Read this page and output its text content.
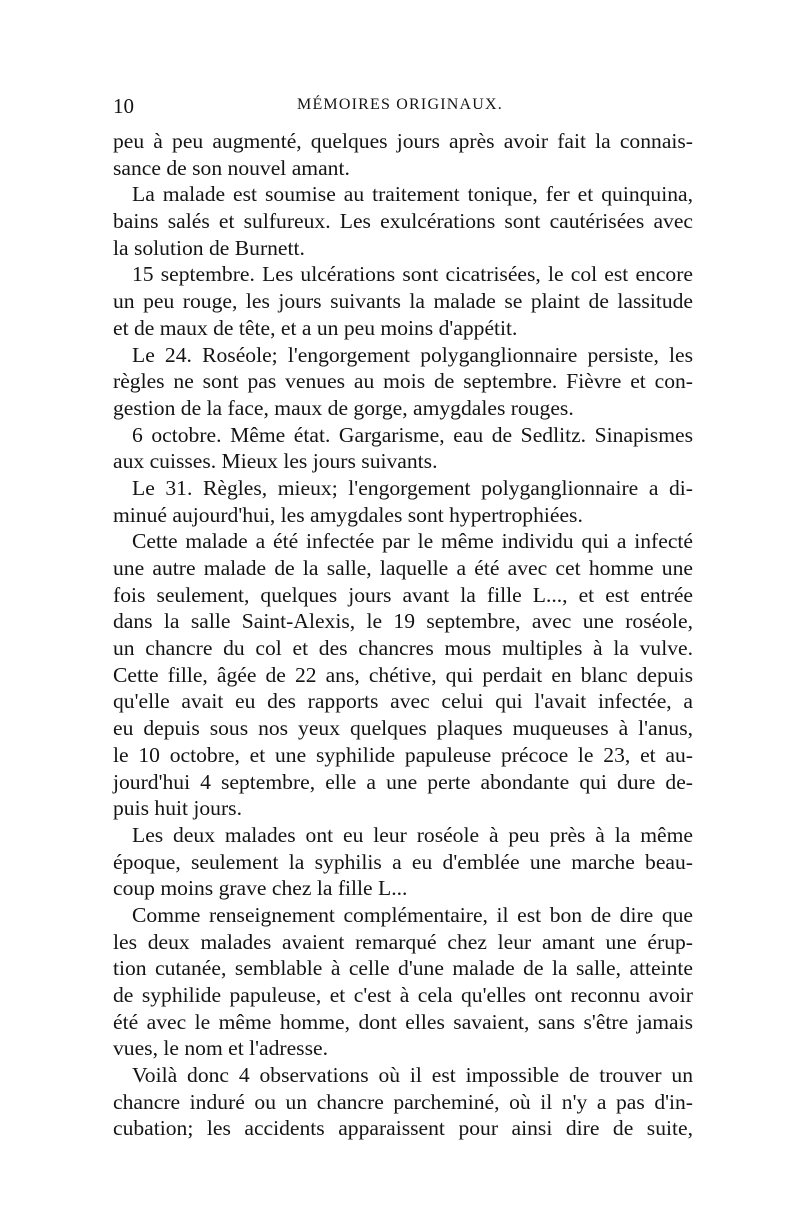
10	MÉMOIRES ORIGINAUX.
peu à peu augmenté, quelques jours après avoir fait la connais-
sance de son nouvel amant.
La malade est soumise au traitement tonique, fer et quinquina,
bains salés et sulfureux. Les exulcérations sont cautérisées avec
la solution de Burnett.
15 septembre. Les ulcérations sont cicatrisées, le col est encore
un peu rouge, les jours suivants la malade se plaint de lassitude
et de maux de tête, et a un peu moins d'appétit.
Le 24. Roséole; l'engorgement polyganglionnaire persiste, les
règles ne sont pas venues au mois de septembre. Fièvre et con-
gestion de la face, maux de gorge, amygdales rouges.
6 octobre. Même état. Gargarisme, eau de Sedlitz. Sinapismes
aux cuisses. Mieux les jours suivants.
Le 31. Règles, mieux; l'engorgement polyganglionnaire a di-
minué aujourd'hui, les amygdales sont hypertrophiées.
Cette malade a été infectée par le même individu qui a infecté
une autre malade de la salle, laquelle a été avec cet homme une
fois seulement, quelques jours avant la fille L..., et est entrée
dans la salle Saint-Alexis, le 19 septembre, avec une roséole,
un chancre du col et des chancres mous multiples à la vulve.
Cette fille, âgée de 22 ans, chétive, qui perdait en blanc depuis
qu'elle avait eu des rapports avec celui qui l'avait infectée, a
eu depuis sous nos yeux quelques plaques muqueuses à l'anus,
le 10 octobre, et une syphilide papuleuse précoce le 23, et au-
jourd'hui 4 septembre, elle a une perte abondante qui dure de-
puis huit jours.
Les deux malades ont eu leur roséole à peu près à la même
époque, seulement la syphilis a eu d'emblée une marche beau-
coup moins grave chez la fille L...
Comme renseignement complémentaire, il est bon de dire que
les deux malades avaient remarqué chez leur amant une érup-
tion cutanée, semblable à celle d'une malade de la salle, atteinte
de syphilide papuleuse, et c'est à cela qu'elles ont reconnu avoir
été avec le même homme, dont elles savaient, sans s'être jamais
vues, le nom et l'adresse.
Voilà donc 4 observations où il est impossible de trouver un
chancre induré ou un chancre parcheminé, où il n'y a pas d'in-
cubation; les accidents apparaissent pour ainsi dire de suite,
